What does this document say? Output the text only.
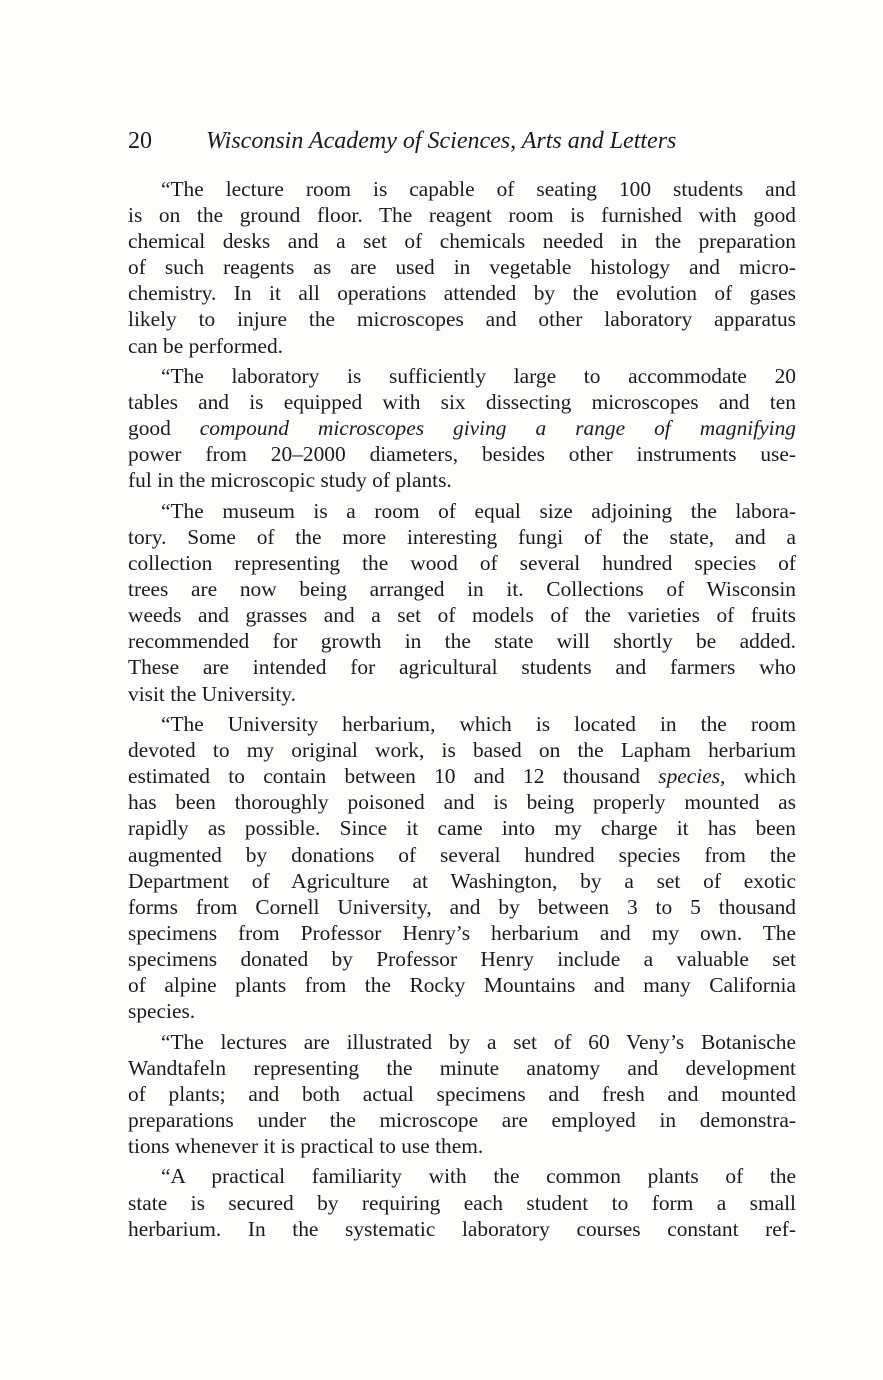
20 Wisconsin Academy of Sciences, Arts and Letters
“The lecture room is capable of seating 100 students and
is on the ground floor. The reagent room is furnished with good
chemical desks and a set of chemicals needed in the preparation
of such reagents as are used in vegetable histology and micro-
chemistry. In it all operations attended by the evolution of gases
likely to injure the microscopes and other laboratory apparatus
can be performed.
“The laboratory is sufficiently large to accommodate 20
tables and is equipped with six dissecting microscopes and ten
good compound microscopes giving a range of magnifying
power from 20–2000 diameters, besides other instruments use-
ful in the microscopic study of plants.
“The museum is a room of equal size adjoining the labora-
tory. Some of the more interesting fungi of the state, and a
collection representing the wood of several hundred species of
trees are now being arranged in it. Collections of Wisconsin
weeds and grasses and a set of models of the varieties of fruits
recommended for growth in the state will shortly be added.
These are intended for agricultural students and farmers who
visit the University.
“The University herbarium, which is located in the room
devoted to my original work, is based on the Lapham herbarium
estimated to contain between 10 and 12 thousand species, which
has been thoroughly poisoned and is being properly mounted as
rapidly as possible. Since it came into my charge it has been
augmented by donations of several hundred species from the
Department of Agriculture at Washington, by a set of exotic
forms from Cornell University, and by between 3 to 5 thousand
specimens from Professor Henry’s herbarium and my own. The
specimens donated by Professor Henry include a valuable set
of alpine plants from the Rocky Mountains and many California
species.
“The lectures are illustrated by a set of 60 Veny’s Botanische
Wandtafeln representing the minute anatomy and development
of plants; and both actual specimens and fresh and mounted
preparations under the microscope are employed in demonstra-
tions whenever it is practical to use them.
“A practical familiarity with the common plants of the
state is secured by requiring each student to form a small
herbarium. In the systematic laboratory courses constant ref-
